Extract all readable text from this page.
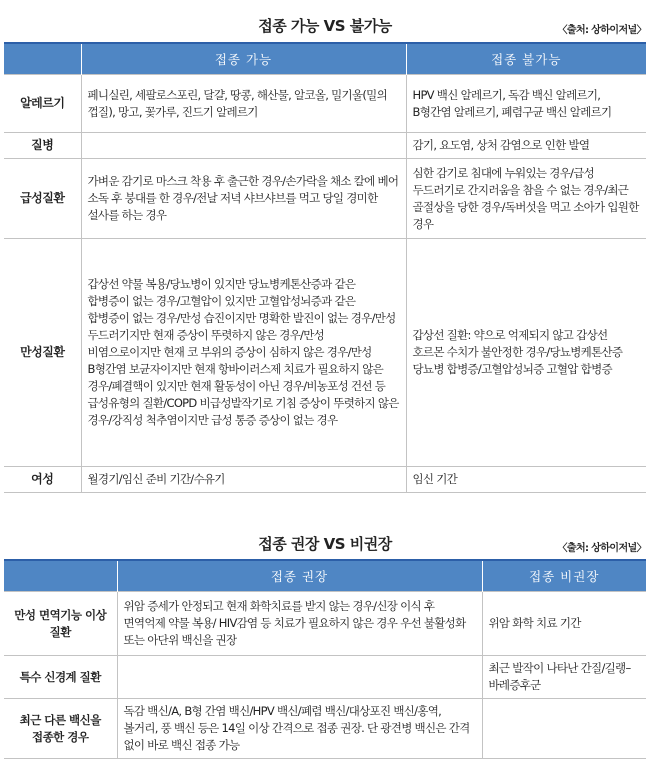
접종 가능 VS 불가능	〈출처: 상하이저널〉
	접종 가능	접종 불가능
알레르기	페니실린, 세팔로스포린, 달걀, 땅콩, 해산물, 알코올, 밀기울(밀의 껍질), 망고, 꽃가루, 진드기 알레르기	HPV 백신 알레르기, 독감 백신 알레르기, B형간염 알레르기, 폐렴구균 백신 알레르기
질병		감기, 요도염, 상처 감염으로 인한 발열
급성질환	가벼운 감기로 마스크 착용 후 출근한 경우/손가락을 채소 칼에 베어 소독 후 붕대를 한 경우/전날 저녁 샤브샤브를 먹고 당일 경미한 설사를 하는 경우	심한 감기로 침대에 누워있는 경우/급성 두드러기로 간지러움을 참을 수 없는 경우/최근 골절상을 당한 경우/독버섯을 먹고 소아가 입원한 경우
만성질환	갑상선 약물 복용/당뇨병이 있지만 당뇨병케톤산증과 같은 합병증이 없는 경우/고혈압이 있지만 고혈압성뇌증과 같은 합병증이 없는 경우/만성 습진이지만 명확한 발진이 없는 경우/만성 두드러기지만 현재 증상이 뚜렷하지 않은 경우/만성 비염으로이지만 현재 코 부위의 증상이 심하지 않은 경우/만성 B형간염 보균자이지만 현재 항바이러스제 치료가 필요하지 않은 경우/폐결핵이 있지만 현재 활동성이 아닌 경우/비농포성 건선 등 급성유형의 질환/COPD 비급성발작기로 기침 증상이 뚜렷하지 않은 경우/강직성 척추염이지만 급성 통증 증상이 없는 경우	갑상선 질환: 약으로 억제되지 않고 갑상선 호르몬 수치가 불안정한 경우/당뇨병케톤산증 당뇨병 합병증/고혈압성뇌증 고혈압 합병증
여성	월경기/임신 준비 기간/수유기	임신 기간
접종 권장 VS 비권장	〈출처: 상하이저널〉
	접종 권장	접종 비권장
만성 면역기능 이상 질환	위암 증세가 안정되고 현재 화학치료를 받지 않는 경우/신장 이식 후 면역억제 약물 복용/ HIV감염 등 치료가 필요하지 않은 경우 우선 불활성화 또는 아단위 백신을 권장	위암 화학 치료 기간
특수 신경계 질환		최근 발작이 나타난 간질/길랭–바레증후군
최근 다른 백신을 접종한 경우	독감 백신/A, B형 간염 백신/HPV 백신/폐렴 백신/대상포진 백신/홍역, 볼거리, 풍 백신 등은 14일 이상 간격으로 접종 권장. 단 광견병 백신은 간격 없이 바로 백신 접종 가능	
